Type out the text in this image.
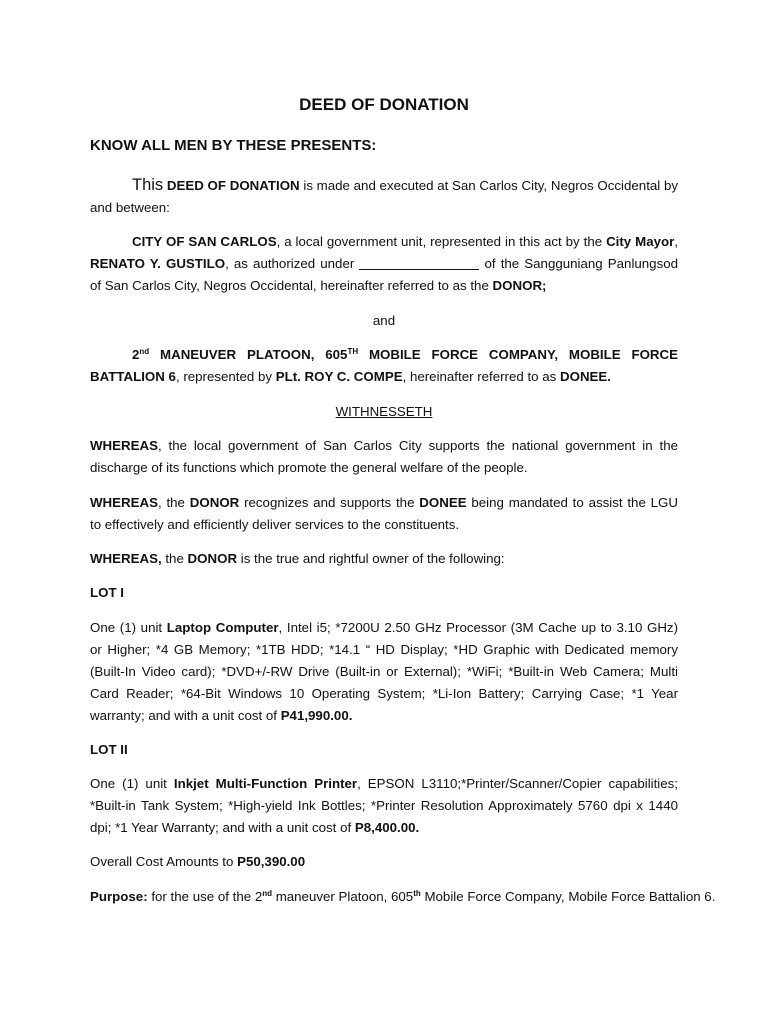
DEED OF DONATION

KNOW ALL MEN BY THESE PRESENTS:

This DEED OF DONATION is made and executed at San Carlos City, Negros Occidental by and between:

CITY OF SAN CARLOS, a local government unit, represented in this act by the City Mayor, RENATO Y. GUSTILO, as authorized under	of the Sangguniang Panlungsod of San Carlos City, Negros Occidental, hereinafter referred to as the DONOR;

and

2nd MANEUVER PLATOON, 605TH MOBILE FORCE COMPANY, MOBILE FORCE BATTALION 6, represented by PLt. ROY C. COMPE, hereinafter referred to as DONEE.

WITHNESSETH

WHEREAS, the local government of San Carlos City supports the national government in the discharge of its functions which promote the general welfare of the people.

WHEREAS, the DONOR recognizes and supports the DONEE being mandated to assist the LGU to effectively and efficiently deliver services to the constituents.

WHEREAS, the DONOR is the true and rightful owner of the following:

LOT I

One (1) unit Laptop Computer, Intel i5; *7200U 2.50 GHz Processor (3M Cache up to 3.10 GHz) or Higher; *4 GB Memory; *1TB HDD; *14.1 “ HD Display; *HD Graphic with Dedicated memory (Built-In Video card); *DVD+/-RW Drive (Built-in or External); *WiFi; *Built-in Web Camera; Multi Card Reader; *64-Bit Windows 10 Operating System; *Li-Ion Battery; Carrying Case; *1 Year warranty; and with a unit cost of P41,990.00.

LOT II

One (1) unit Inkjet Multi-Function Printer, EPSON L3110;*Printer/Scanner/Copier capabilities; *Built-in Tank System; *High-yield Ink Bottles; *Printer Resolution Approximately 5760 dpi x 1440 dpi; *1 Year Warranty; and with a unit cost of P8,400.00.

Overall Cost Amounts to P50,390.00

Purpose: for the use of the 2nd maneuver Platoon, 605th Mobile Force Company, Mobile Force Battalion 6.
